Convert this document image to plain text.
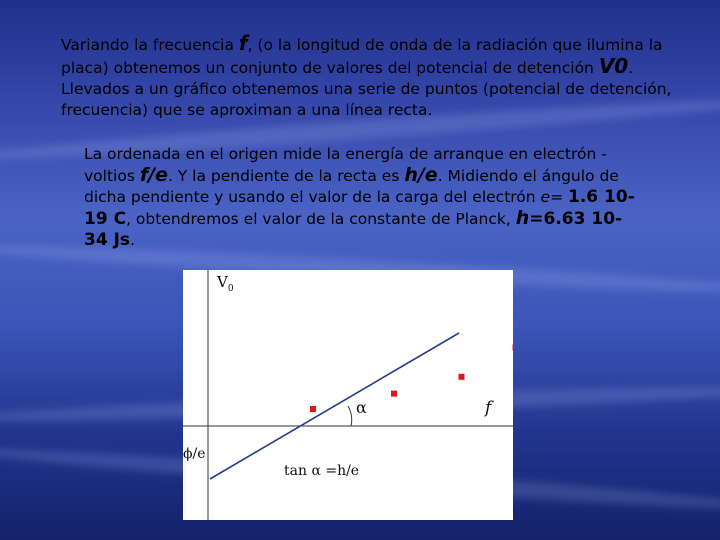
Variando la frecuencia f, (o la longitud de onda de la radiación que ilumina la placa) obtenemos un conjunto de valores del potencial de detención V0. Llevados a un gráfico obtenemos una serie de puntos (potencial de detención, frecuencia) que se aproximan a una línea recta.
La ordenada en el origen mide la energía de arranque en electrón -voltios f/e. Y la pendiente de la recta es h/e. Midiendo el ángulo de dicha pendiente y usando el valor de la carga del electrón e= 1.6 10-19 C, obtendremos el valor de la constante de Planck, h=6.63 10-34 Js.
$V_0$
ϕ/e
α	f
tan α =h/e
